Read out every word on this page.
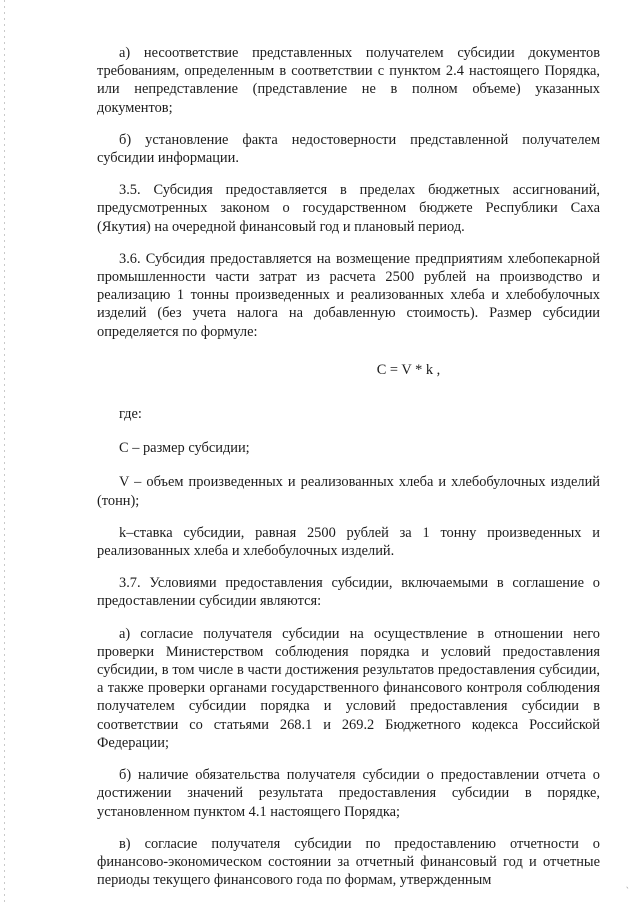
а) несоответствие представленных получателем субсидии документов требованиям, определенным в соответствии с пунктом 2.4 настоящего Порядка, или непредставление (представление не в полном объеме) указанных документов;

б) установление факта недостоверности представленной получателем субсидии информации.

3.5. Субсидия предоставляется в пределах бюджетных ассигнований, предусмотренных законом о государственном бюджете Республики Саха (Якутия) на очередной финансовый год и плановый период.

3.6. Субсидия предоставляется на возмещение предприятиям хлебопекарной промышленности части затрат из расчета 2500 рублей на производство и реализацию 1 тонны произведенных и реализованных хлеба и хлебобулочных изделий (без учета налога на добавленную стоимость). Размер субсидии определяется по формуле:

C = V * k ,

где:

С – размер субсидии;

V – объем произведенных и реализованных хлеба и хлебобулочных изделий (тонн);

k–ставка субсидии, равная 2500 рублей за 1 тонну произведенных и реализованных хлеба и хлебобулочных изделий.

3.7. Условиями предоставления субсидии, включаемыми в соглашение о предоставлении субсидии являются:

а) согласие получателя субсидии на осуществление в отношении него проверки Министерством соблюдения порядка и условий предоставления субсидии, в том числе в части достижения результатов предоставления субсидии, а также проверки органами государственного финансового контроля соблюдения получателем субсидии порядка и условий предоставления субсидии в соответствии со статьями 268.1 и 269.2 Бюджетного кодекса Российской Федерации;

б) наличие обязательства получателя субсидии о предоставлении отчета о достижении значений результата предоставления субсидии в порядке, установленном пунктом 4.1 настоящего Порядка;

в) согласие получателя субсидии по предоставлению отчетности о финансово-экономическом состоянии за отчетный финансовый год и отчетные периоды текущего финансового года по формам, утвержденным
